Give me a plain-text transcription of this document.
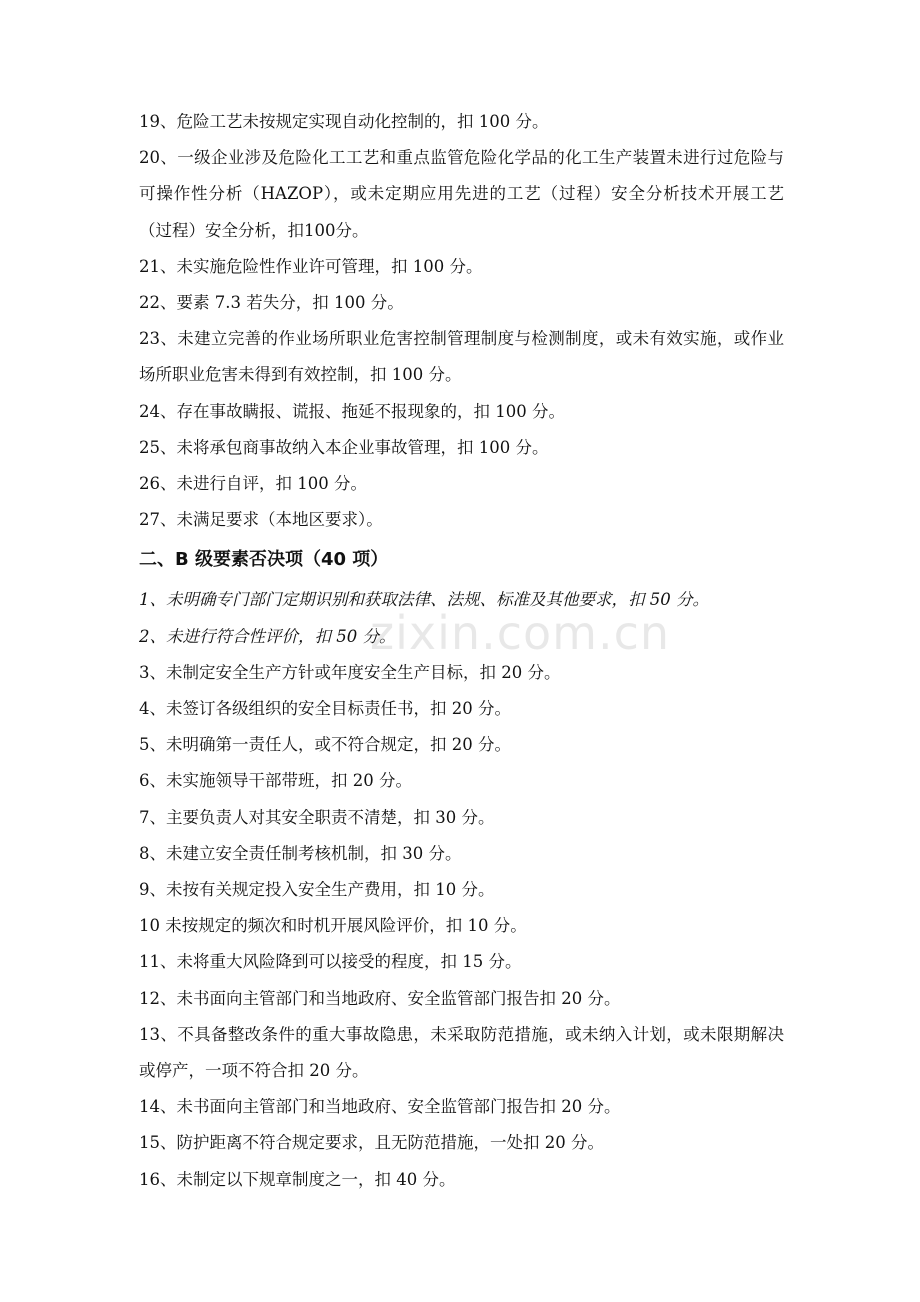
19、危险工艺未按规定实现自动化控制的，扣 100 分。

20、一级企业涉及危险化工工艺和重点监管危险化学品的化工生产装置未进行过危险与可操作性分析（HAZOP），或未定期应用先进的工艺（过程）安全分析技术开展工艺（过程）安全分析，扣100分。

21、未实施危险性作业许可管理，扣 100 分。

22、要素 7.3 若失分，扣 100 分。

23、未建立完善的作业场所职业危害控制管理制度与检测制度，或未有效实施，或作业场所职业危害未得到有效控制，扣 100 分。

24、存在事故瞒报、谎报、拖延不报现象的，扣 100 分。

25、未将承包商事故纳入本企业事故管理，扣 100 分。

26、未进行自评，扣 100 分。

27、未满足要求（本地区要求）。

二、B 级要素否决项（40 项）

1、未明确专门部门定期识别和获取法律、法规、标准及其他要求，扣 50 分。

2、未进行符合性评价，扣 50 分。

3、未制定安全生产方针或年度安全生产目标，扣 20 分。

4、未签订各级组织的安全目标责任书，扣 20 分。

5、未明确第一责任人，或不符合规定，扣 20 分。

6、未实施领导干部带班，扣 20 分。

7、主要负责人对其安全职责不清楚，扣 30 分。

8、未建立安全责任制考核机制，扣 30 分。

9、未按有关规定投入安全生产费用，扣 10 分。

10 未按规定的频次和时机开展风险评价，扣 10 分。

11、未将重大风险降到可以接受的程度，扣 15 分。

12、未书面向主管部门和当地政府、安全监管部门报告扣 20 分。

13、不具备整改条件的重大事故隐患，未采取防范措施，或未纳入计划，或未限期解决或停产，一项不符合扣 20 分。

14、未书面向主管部门和当地政府、安全监管部门报告扣 20 分。

15、防护距离不符合规定要求，且无防范措施，一处扣 20 分。

16、未制定以下规章制度之一，扣 40 分。

zixin.com.cn
